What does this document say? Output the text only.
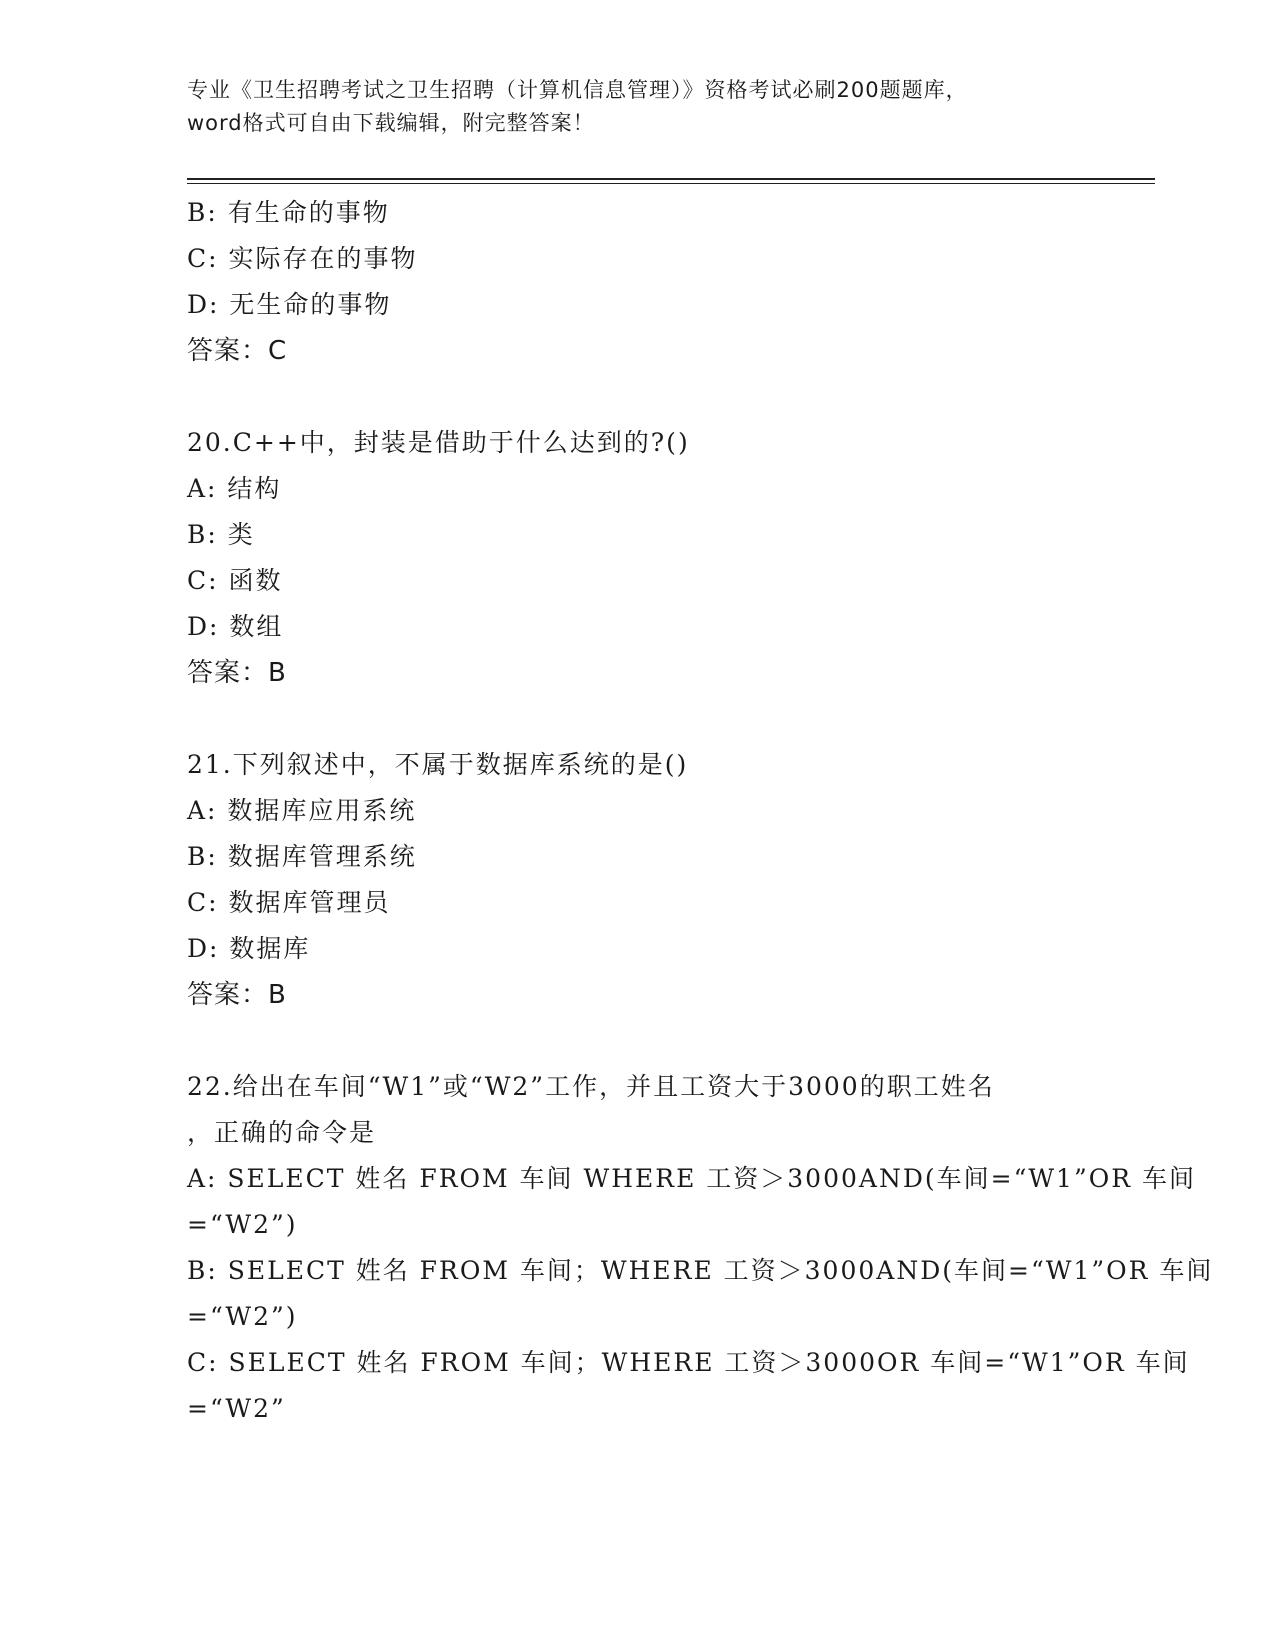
专业《卫生招聘考试之卫生招聘（计算机信息管理）》资格考试必刷200题题库，
word格式可自由下载编辑，附完整答案！
B: 有生命的事物
C: 实际存在的事物
D: 无生命的事物
答案：C
20.C++中，封装是借助于什么达到的?()
A: 结构
B: 类
C: 函数
D: 数组
答案：B
21.下列叙述中，不属于数据库系统的是()
A: 数据库应用系统
B: 数据库管理系统
C: 数据库管理员
D: 数据库
答案：B
22.给出在车间“W1”或“W2”工作，并且工资大于3000的职工姓名
，正确的命令是
A: SELECT 姓名 FROM 车间 WHERE 工资＞3000AND(车间=“W1”OR 车间
=“W2”)
B: SELECT 姓名 FROM 车间；WHERE 工资＞3000AND(车间=“W1”OR 车间
=“W2”)
C: SELECT 姓名 FROM 车间；WHERE 工资＞3000OR 车间=“W1”OR 车间
=“W2”
